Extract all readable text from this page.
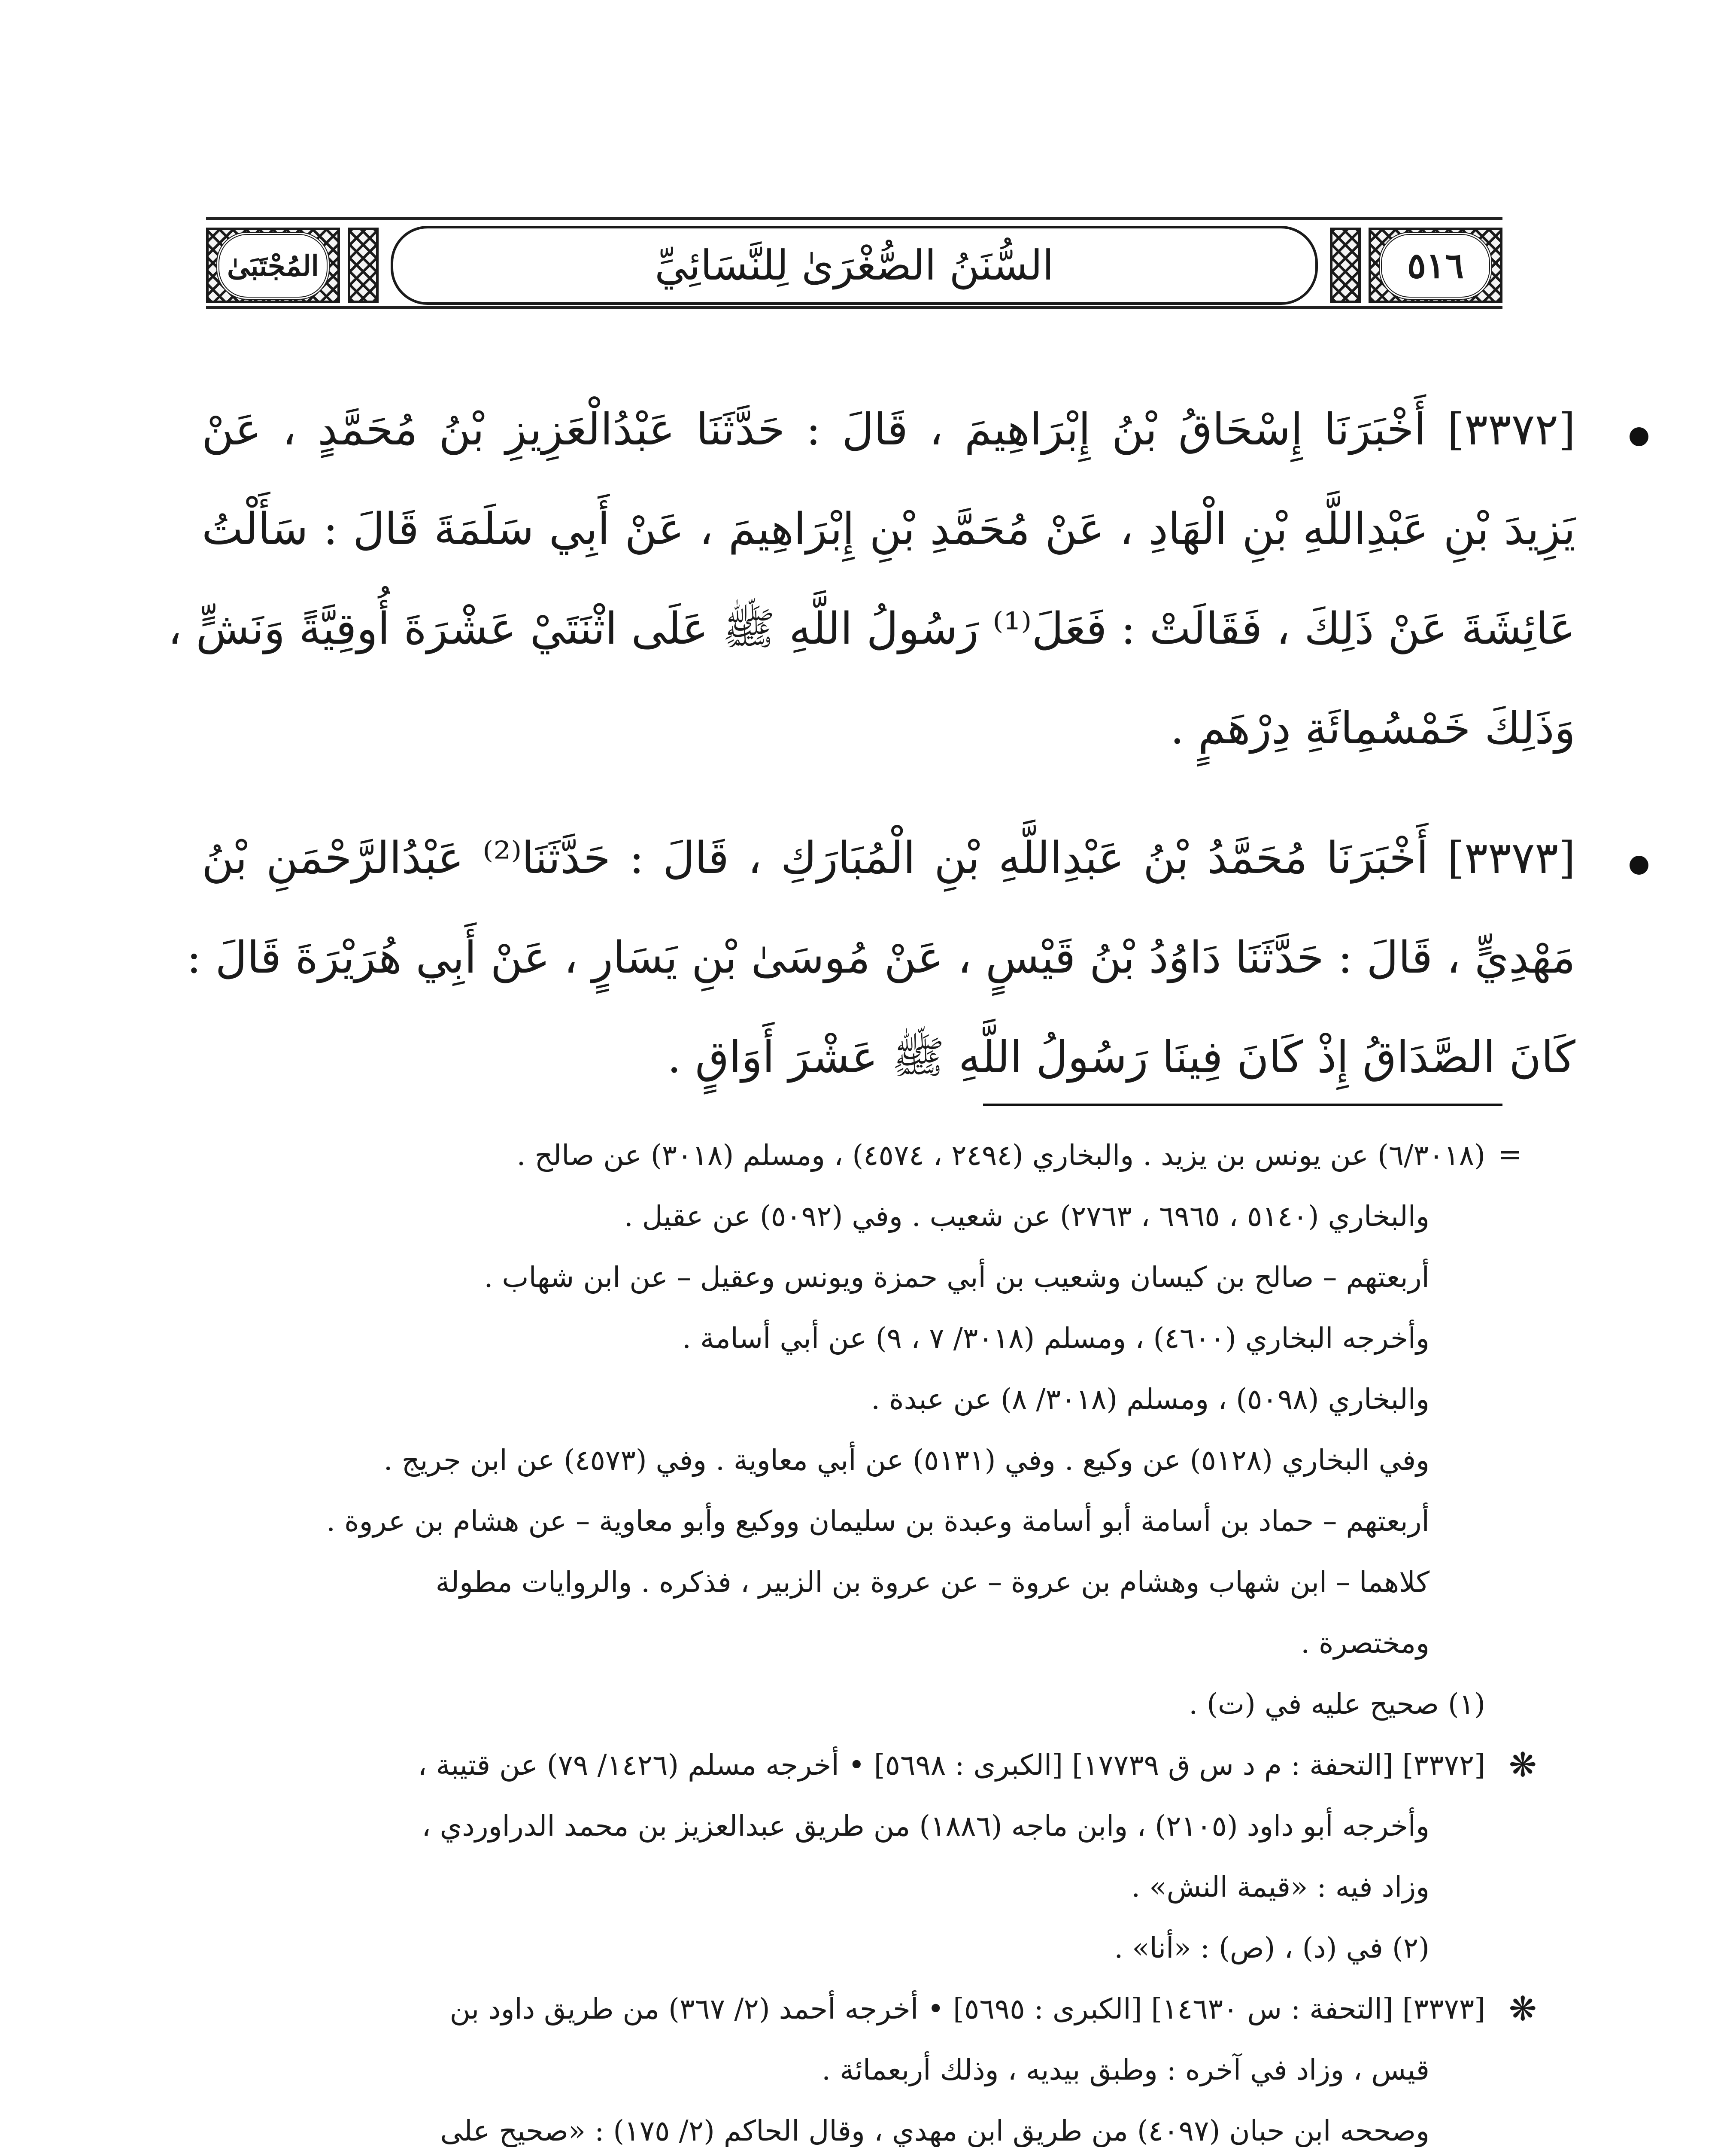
المُجْتَبَىٰ	السُّنَنُ الصُّغْرَىٰ لِلنَّسَائِيِّ	٥١٦
[٣٣٧٢] أَخْبَرَنَا إِسْحَاقُ بْنُ إِبْرَاهِيمَ ، قَالَ : حَدَّثَنَا عَبْدُالْعَزِيزِ بْنُ مُحَمَّدٍ ، عَنْ
يَزِيدَ بْنِ عَبْدِاللَّهِ بْنِ الْهَادِ ، عَنْ مُحَمَّدِ بْنِ إِبْرَاهِيمَ ، عَنْ أَبِي سَلَمَةَ قَالَ : سَأَلْتُ
عَائِشَةَ عَنْ ذَلِكَ ، فَقَالَتْ : فَعَلَ⁽¹⁾ رَسُولُ اللَّهِ ﷺ عَلَى اثْنَتَيْ عَشْرَةَ أُوقِيَّةً وَنَشٍّ ،
وَذَلِكَ خَمْسُمِائَةِ دِرْهَمٍ .
[٣٣٧٣] أَخْبَرَنَا مُحَمَّدُ بْنُ عَبْدِاللَّهِ بْنِ الْمُبَارَكِ ، قَالَ : حَدَّثَنَا⁽²⁾ عَبْدُالرَّحْمَنِ بْنُ
مَهْدِيٍّ ، قَالَ : حَدَّثَنَا دَاوُدُ بْنُ قَيْسٍ ، عَنْ مُوسَىٰ بْنِ يَسَارٍ ، عَنْ أَبِي هُرَيْرَةَ قَالَ :
كَانَ الصَّدَاقُ إِذْ كَانَ فِينَا رَسُولُ اللَّهِ ﷺ عَشْرَ أَوَاقٍ .
=
(٦/٣٠١٨) عن يونس بن يزيد . والبخاري (٢٤٩٤ ، ٤٥٧٤) ، ومسلم (٣٠١٨) عن صالح .
والبخاري (٥١٤٠ ، ٦٩٦٥ ، ٢٧٦٣) عن شعيب . وفي (٥٠٩٢) عن عقيل .
أربعتهم – صالح بن كيسان وشعيب بن أبي حمزة ويونس وعقيل – عن ابن شهاب .
وأخرجه البخاري (٤٦٠٠) ، ومسلم (٣٠١٨/ ٧ ، ٩) عن أبي أسامة .
والبخاري (٥٠٩٨) ، ومسلم (٣٠١٨/ ٨) عن عبدة .
وفي البخاري (٥١٢٨) عن وكيع . وفي (٥١٣١) عن أبي معاوية . وفي (٤٥٧٣) عن ابن جريج .
أربعتهم – حماد بن أسامة أبو أسامة وعبدة بن سليمان ووكيع وأبو معاوية – عن هشام بن عروة .
كلاهما – ابن شهاب وهشام بن عروة – عن عروة بن الزبير ، فذكره . والروايات مطولة
ومختصرة .
(١) صحيح عليه في (ت) .
❋
[٣٣٧٢] [التحفة : م د س ق ١٧٧٣٩] [الكبرى : ٥٦٩٨] • أخرجه مسلم (١٤٢٦/ ٧٩) عن قتيبة ،
وأخرجه أبو داود (٢١٠٥) ، وابن ماجه (١٨٨٦) من طريق عبدالعزيز بن محمد الدراوردي ،
وزاد فيه : «قيمة النش» .
(٢) في (د) ، (ص) : «أنا» .
❋
[٣٣٧٣] [التحفة : س ١٤٦٣٠] [الكبرى : ٥٦٩٥] • أخرجه أحمد (٢/ ٣٦٧) من طريق داود بن
قيس ، وزاد في آخره : وطبق بيديه ، وذلك أربعمائة .
وصححه ابن حبان (٤٠٩٧) من طريق ابن مهدي ، وقال الحاكم (٢/ ١٧٥) : «صحيح على
